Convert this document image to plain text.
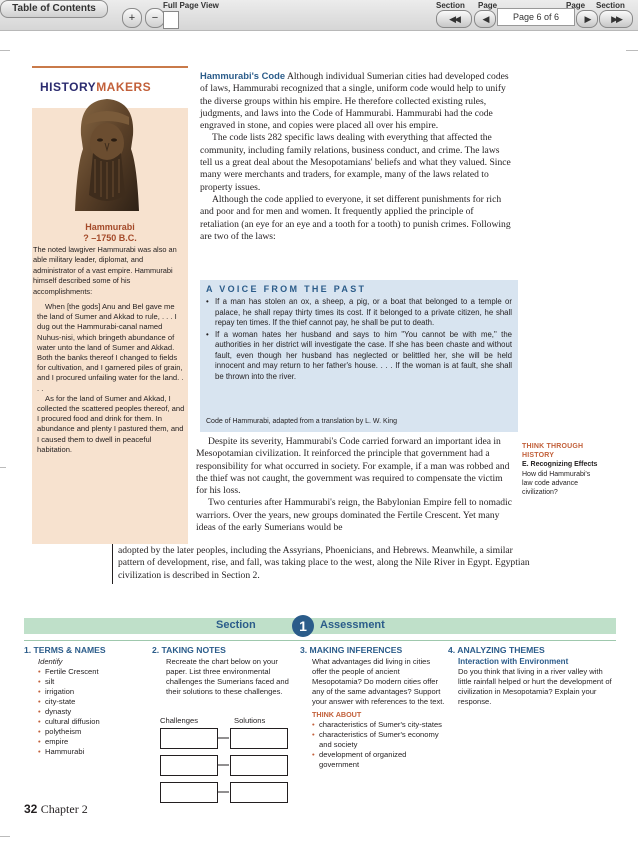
Table of Contents
+	−
Full Page View	Section Page
◀◀	◀	Page 6 of 6
Page Section
▶	▶▶
HISTORYMAKERS
Hammurabi
? –1750 B.C.
The noted lawgiver Hammurabi was also an able military leader, diplomat, and administrator of a vast empire. Hammurabi himself described some of his accomplishments:
When [the gods] Anu and Bel gave me the land of Sumer and Akkad to rule, . . . I dug out the Hammurabi-canal named Nuhus-nisi, which bringeth abundance of water unto the land of Sumer and Akkad. Both the banks thereof I changed to fields for cultivation, and I garnered piles of grain, and I procured unfailing water for the land. . . .
As for the land of Sumer and Akkad, I collected the scattered peoples thereof, and I procured food and drink for them. In abundance and plenty I pastured them, and I caused them to dwell in peaceful habitation.

Hammurabi's Code Although individual Sumerian cities had developed codes of laws, Hammurabi recognized that a single, uniform code would help to unify the diverse groups within his empire. He therefore collected existing rules, judgments, and laws into the Code of Hammurabi. Hammurabi had the code engraved in stone, and copies were placed all over his empire.

The code lists 282 specific laws dealing with everything that affected the community, including family relations, business conduct, and crime. The laws tell us a great deal about the Mesopotamians' beliefs and what they valued. Since many were merchants and traders, for example, many of the laws related to property issues.

Although the code applied to everyone, it set different punishments for rich and poor and for men and women. It frequently applied the principle of retaliation (an eye for an eye and a tooth for a tooth) to punish crimes. Following are two of the laws:

A VOICE FROM THE PAST
• If a man has stolen an ox, a sheep, a pig, or a boat that belonged to a temple or palace, he shall repay thirty times its cost. If it belonged to a private citizen, he shall repay ten times. If the thief cannot pay, he shall be put to death.
• If a woman hates her husband and says to him "You cannot be with me," the authorities in her district will investigate the case. If she has been chaste and without fault, even though her husband has neglected or belittled her, she will be held innocent and may return to her father's house. . . . If the woman is at fault, she shall be thrown into the river.
Code of Hammurabi, adapted from a translation by L. W. King

Despite its severity, Hammurabi's Code carried forward an important idea in Mesopotamian civilization. It reinforced the principle that government had a responsibility for what occurred in society. For example, if a man was robbed and the thief was not caught, the government was required to compensate the victim for his loss.

Two centuries after Hammurabi's reign, the Babylonian Empire fell to nomadic warriors. Over the years, new groups dominated the Fertile Crescent. Yet many ideas of the early Sumerians would be

adopted by the later peoples, including the Assyrians, Phoenicians, and Hebrews. Meanwhile, a similar pattern of development, rise, and fall, was taking place to the west, along the Nile River in Egypt. Egyptian civilization is described in Section 2.

THINK THROUGH HISTORY
E. Recognizing Effects
How did Hammurabi's law code advance civilization?
Section	1	Assessment
1. TERMS & NAMES
Identify
• Fertile Crescent
• silt
• irrigation
• city-state
• dynasty
• cultural diffusion
• polytheism
• empire
• Hammurabi
2. TAKING NOTES
Recreate the chart below on your paper. List three environmental challenges the Sumerians faced and their solutions to these challenges.
Challenges	Solutions
3. MAKING INFERENCES
What advantages did living in cities offer the people of ancient Mesopotamia? Do modern cities offer any of the same advantages? Support your answer with references to the text.
THINK ABOUT
• characteristics of Sumer's city-states
• characteristics of Sumer's economy and society
• development of organized government
4. ANALYZING THEMES
Interaction with Environment
Do you think that living in a river valley with little rainfall helped or hurt the development of civilization in Mesopotamia? Explain your response.
32 Chapter 2
